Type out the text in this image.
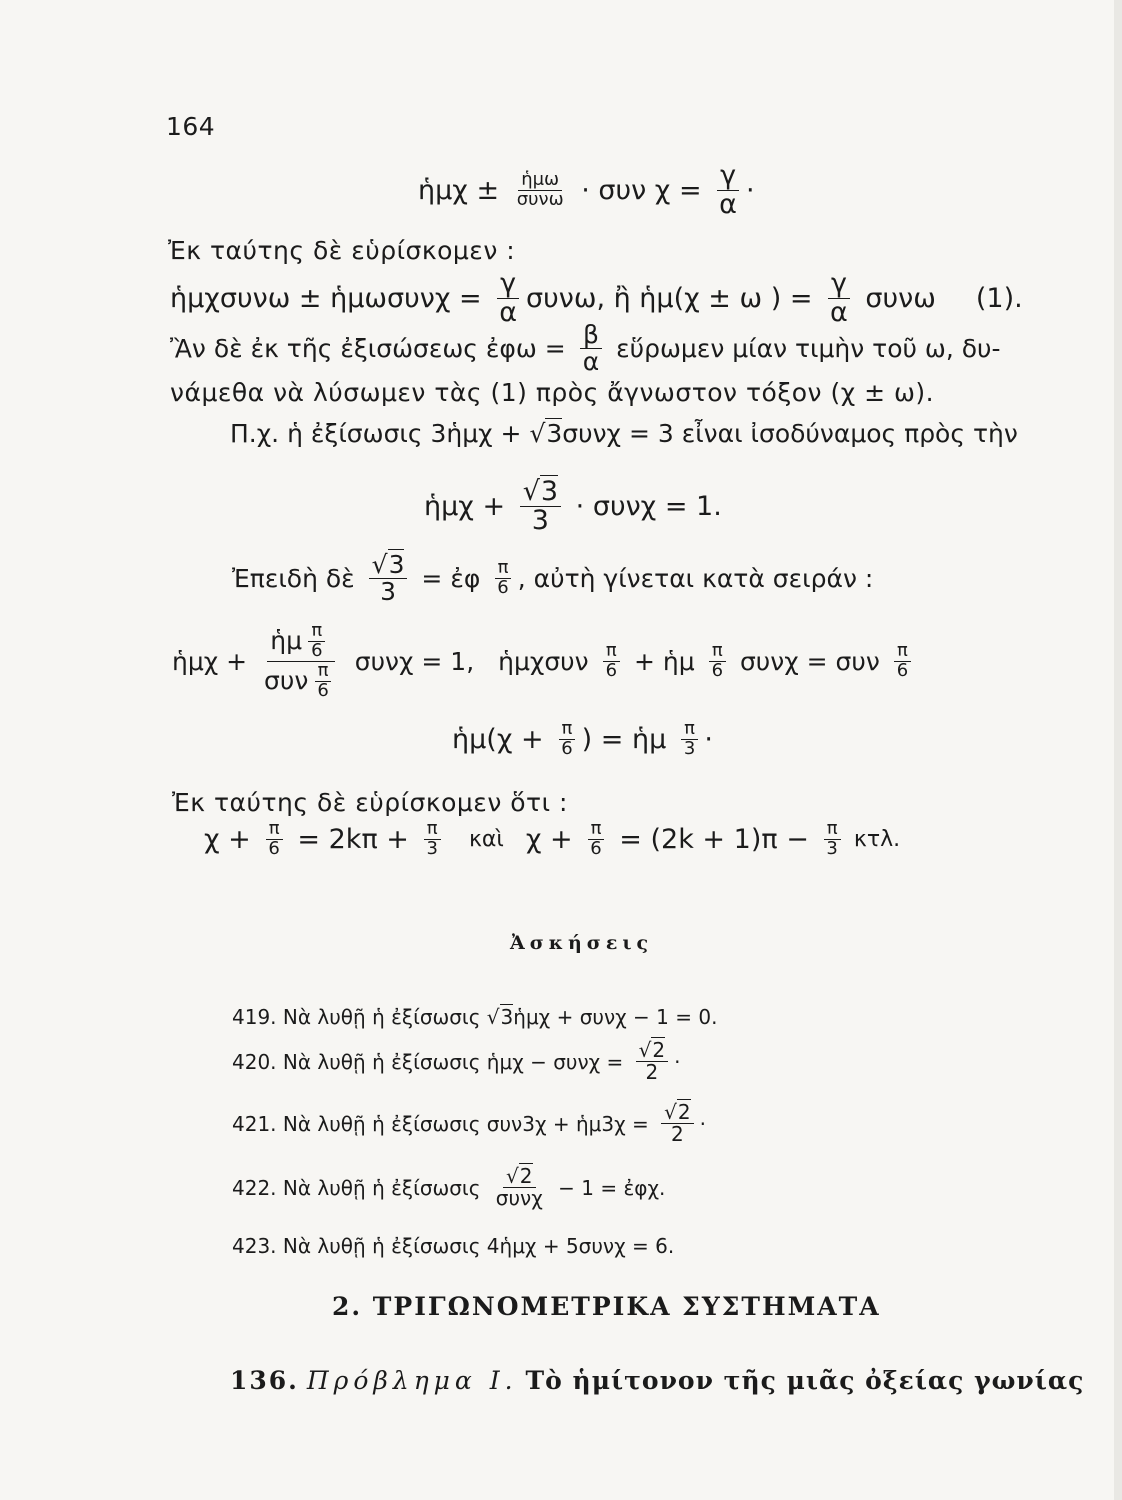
164
ἡμχ ± $\frac{\text{ἡμω}}{\text{συνω}} \cdot \sigma\upsilon\nu$ $\chi = \frac{\gamma}{\alpha}$ ·
Ἐκ ταύτης δὲ εὑρίσκομεν :
ἡμχσυνω ± ἡμωσυνχ = $\frac{\gamma}{\alpha} \sigma\upsilon\nu\omega$, ἢ ἡμ(χ ± ω ) = $\frac{\gamma}{\alpha}$ συνω (1).
Ἂν δὲ ἐκ τῆς ἐξισώσεως ἐφω = $\frac{\beta}{\alpha}$ εὕρωμεν μίαν τιμὴν τοῦ ω, δυ-
νάμεθα νὰ λύσωμεν τὰς (1) πρὸς ἄγνωστον τόξον (χ ± ω).
Π.χ. ἡ ἐξίσωσις 3ἡμχ + √ 3 συνχ = 3 εἶναι ἰσοδύναμος πρὸς τὴν
ἡμχ + $\frac{√3}{3} \cdot \sigma\upsilon\nu\chi = 1$.
Ἐπειδὴ δὲ $\frac{√3}{3}$ = ἐφ $\frac{\pi}{6}$ , αὐτὴ γίνεται κατὰ σειράν :
ἡμχ + $\frac{ἡ\mu \frac{\pi}{6}}{\sigma\upsilon\nu \frac{\pi}{6}}$ συνχ = 1, ἡμχσυν $\frac{\pi}{6}$ + ἡμ $\frac{\pi}{6}$ συνχ = συν $\frac{\pi}{6}$
ἡμ(χ + $\frac{\pi}{6}$ ) = ἡμ $\frac{\pi}{3}$ ·
Ἐκ ταύτης δὲ εὑρίσκομεν ὅτι :
$\chi + \frac{\pi}{6} = 2k\pi + \frac{\pi}{3}$ καὶ $\chi + \frac{\pi}{6} = (2k + 1)\pi - \frac{\pi}{3} \kappa\tau\lambda$.
Ἀσκήσεις
419. Νὰ λυθῇ ἡ ἐξίσωσις √ 3 ἡμχ + συνχ − 1 = 0.
420. Νὰ λυθῇ ἡ ἐξίσωσις ἡμχ − $\sigma\upsilon\nu\chi = \frac{√2}{2}$ ·
421. Νὰ λυθῇ ἡ ἐξίσωσις συν3χ + ἡμ3χ = $\frac{√2}{2}$ ·
422. Νὰ λυθῇ ἡ ἐξίσωσις $\frac{√2}{\text{συνχ}} - 1$ = ἐφχ.
423. Νὰ λυθῇ ἡ ἐξίσωσις 4ἡμχ + 5συνχ = 6.
2. ΤΡΙΓΩΝΟΜΕΤΡΙΚΑ ΣΥΣΤΗΜΑΤΑ
136. Πρόβλημα Ι. Τὸ ἡμίτονον τῆς μιᾶς ὀξείας γωνίας
